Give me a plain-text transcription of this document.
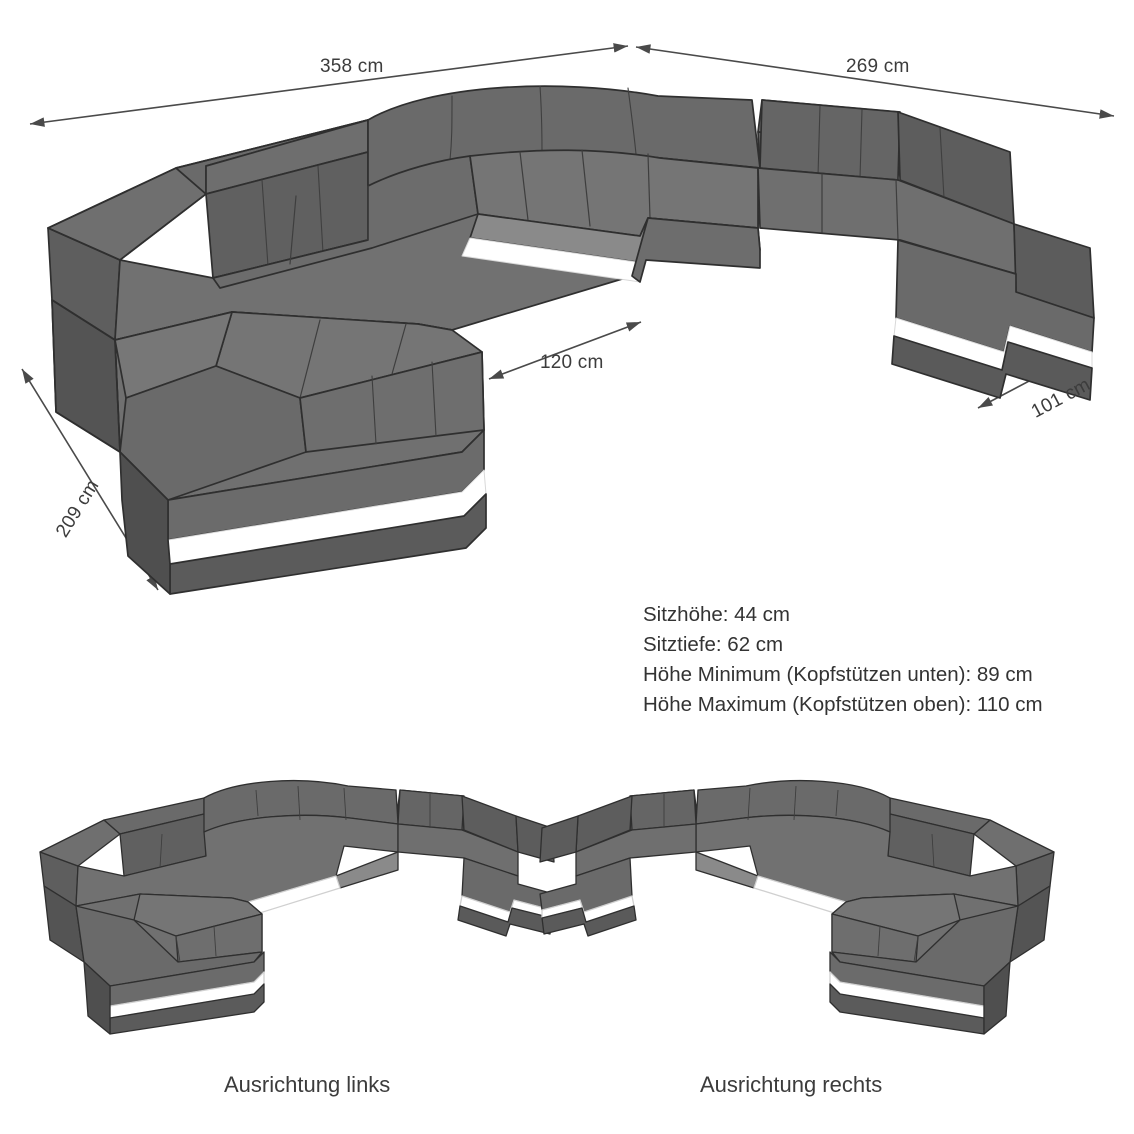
358 cm	269 cm
120 cm
101 cm
209 cm
Sitzhöhe: 44 cm
Sitztiefe: 62 cm
Höhe Minimum (Kopfstützen unten): 89 cm
Höhe Maximum (Kopfstützen oben): 110 cm
Ausrichtung links	Ausrichtung rechts
